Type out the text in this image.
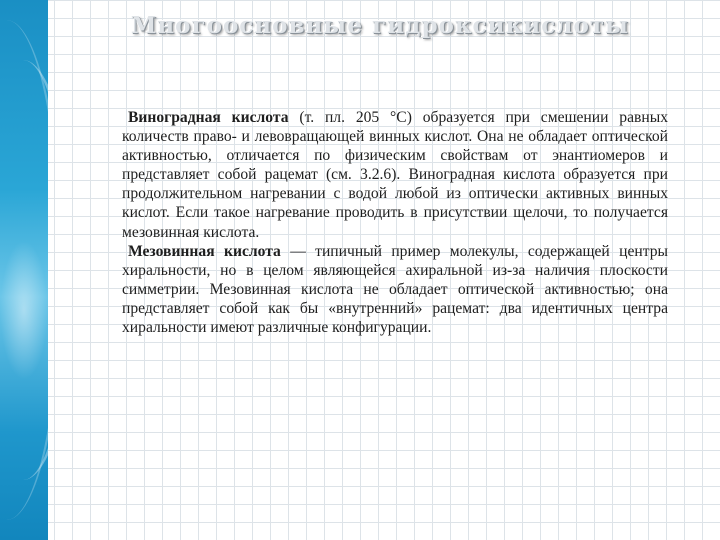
Многоосновные гидроксикислоты

Виноградная кислота (т. пл. 205 °С) образуется при смешении равных количеств право- и левовращающей винных кислот. Она не обладает оптической активностью, отличается по физическим свойствам от энантиомеров и представляет собой рацемат (см. 3.2.6). Виноградная кислота образуется при продолжительном нагревании с водой любой из оптически активных винных кислот. Если такое нагревание проводить в присутствии щелочи, то получается мезовинная кислота.

Мезовинная кислота — типичный пример молекулы, содержащей центры хиральности, но в целом являющейся ахиральной из-за наличия плоскости симметрии. Мезовинная кислота не обладает оптической активностью; она представляет собой как бы «внутренний» рацемат: два идентичных центра хиральности имеют различные конфигурации.
